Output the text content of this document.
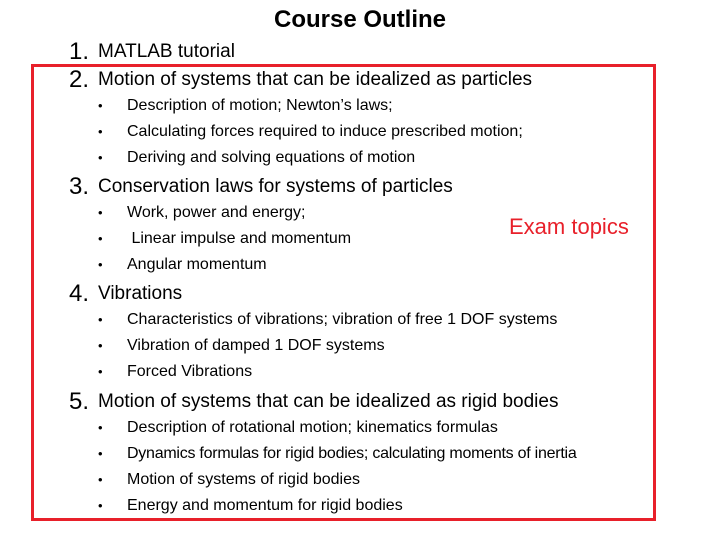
Course Outline
1. MATLAB tutorial
2. Motion of systems that can be idealized as particles
•	Description of motion; Newton’s laws;
•	Calculating forces required to induce prescribed motion;
•	Deriving and solving equations of motion
3. Conservation laws for systems of particles
•	Work, power and energy;
•	Linear impulse and momentum
•	Angular momentum
Exam topics
4. Vibrations
•	Characteristics of vibrations; vibration of free 1 DOF systems
•	Vibration of damped 1 DOF systems
•	Forced Vibrations
5. Motion of systems that can be idealized as rigid bodies
•	Description of rotational motion; kinematics formulas
•	Dynamics formulas for rigid bodies; calculating moments of inertia
•	Motion of systems of rigid bodies
•	Energy and momentum for rigid bodies
